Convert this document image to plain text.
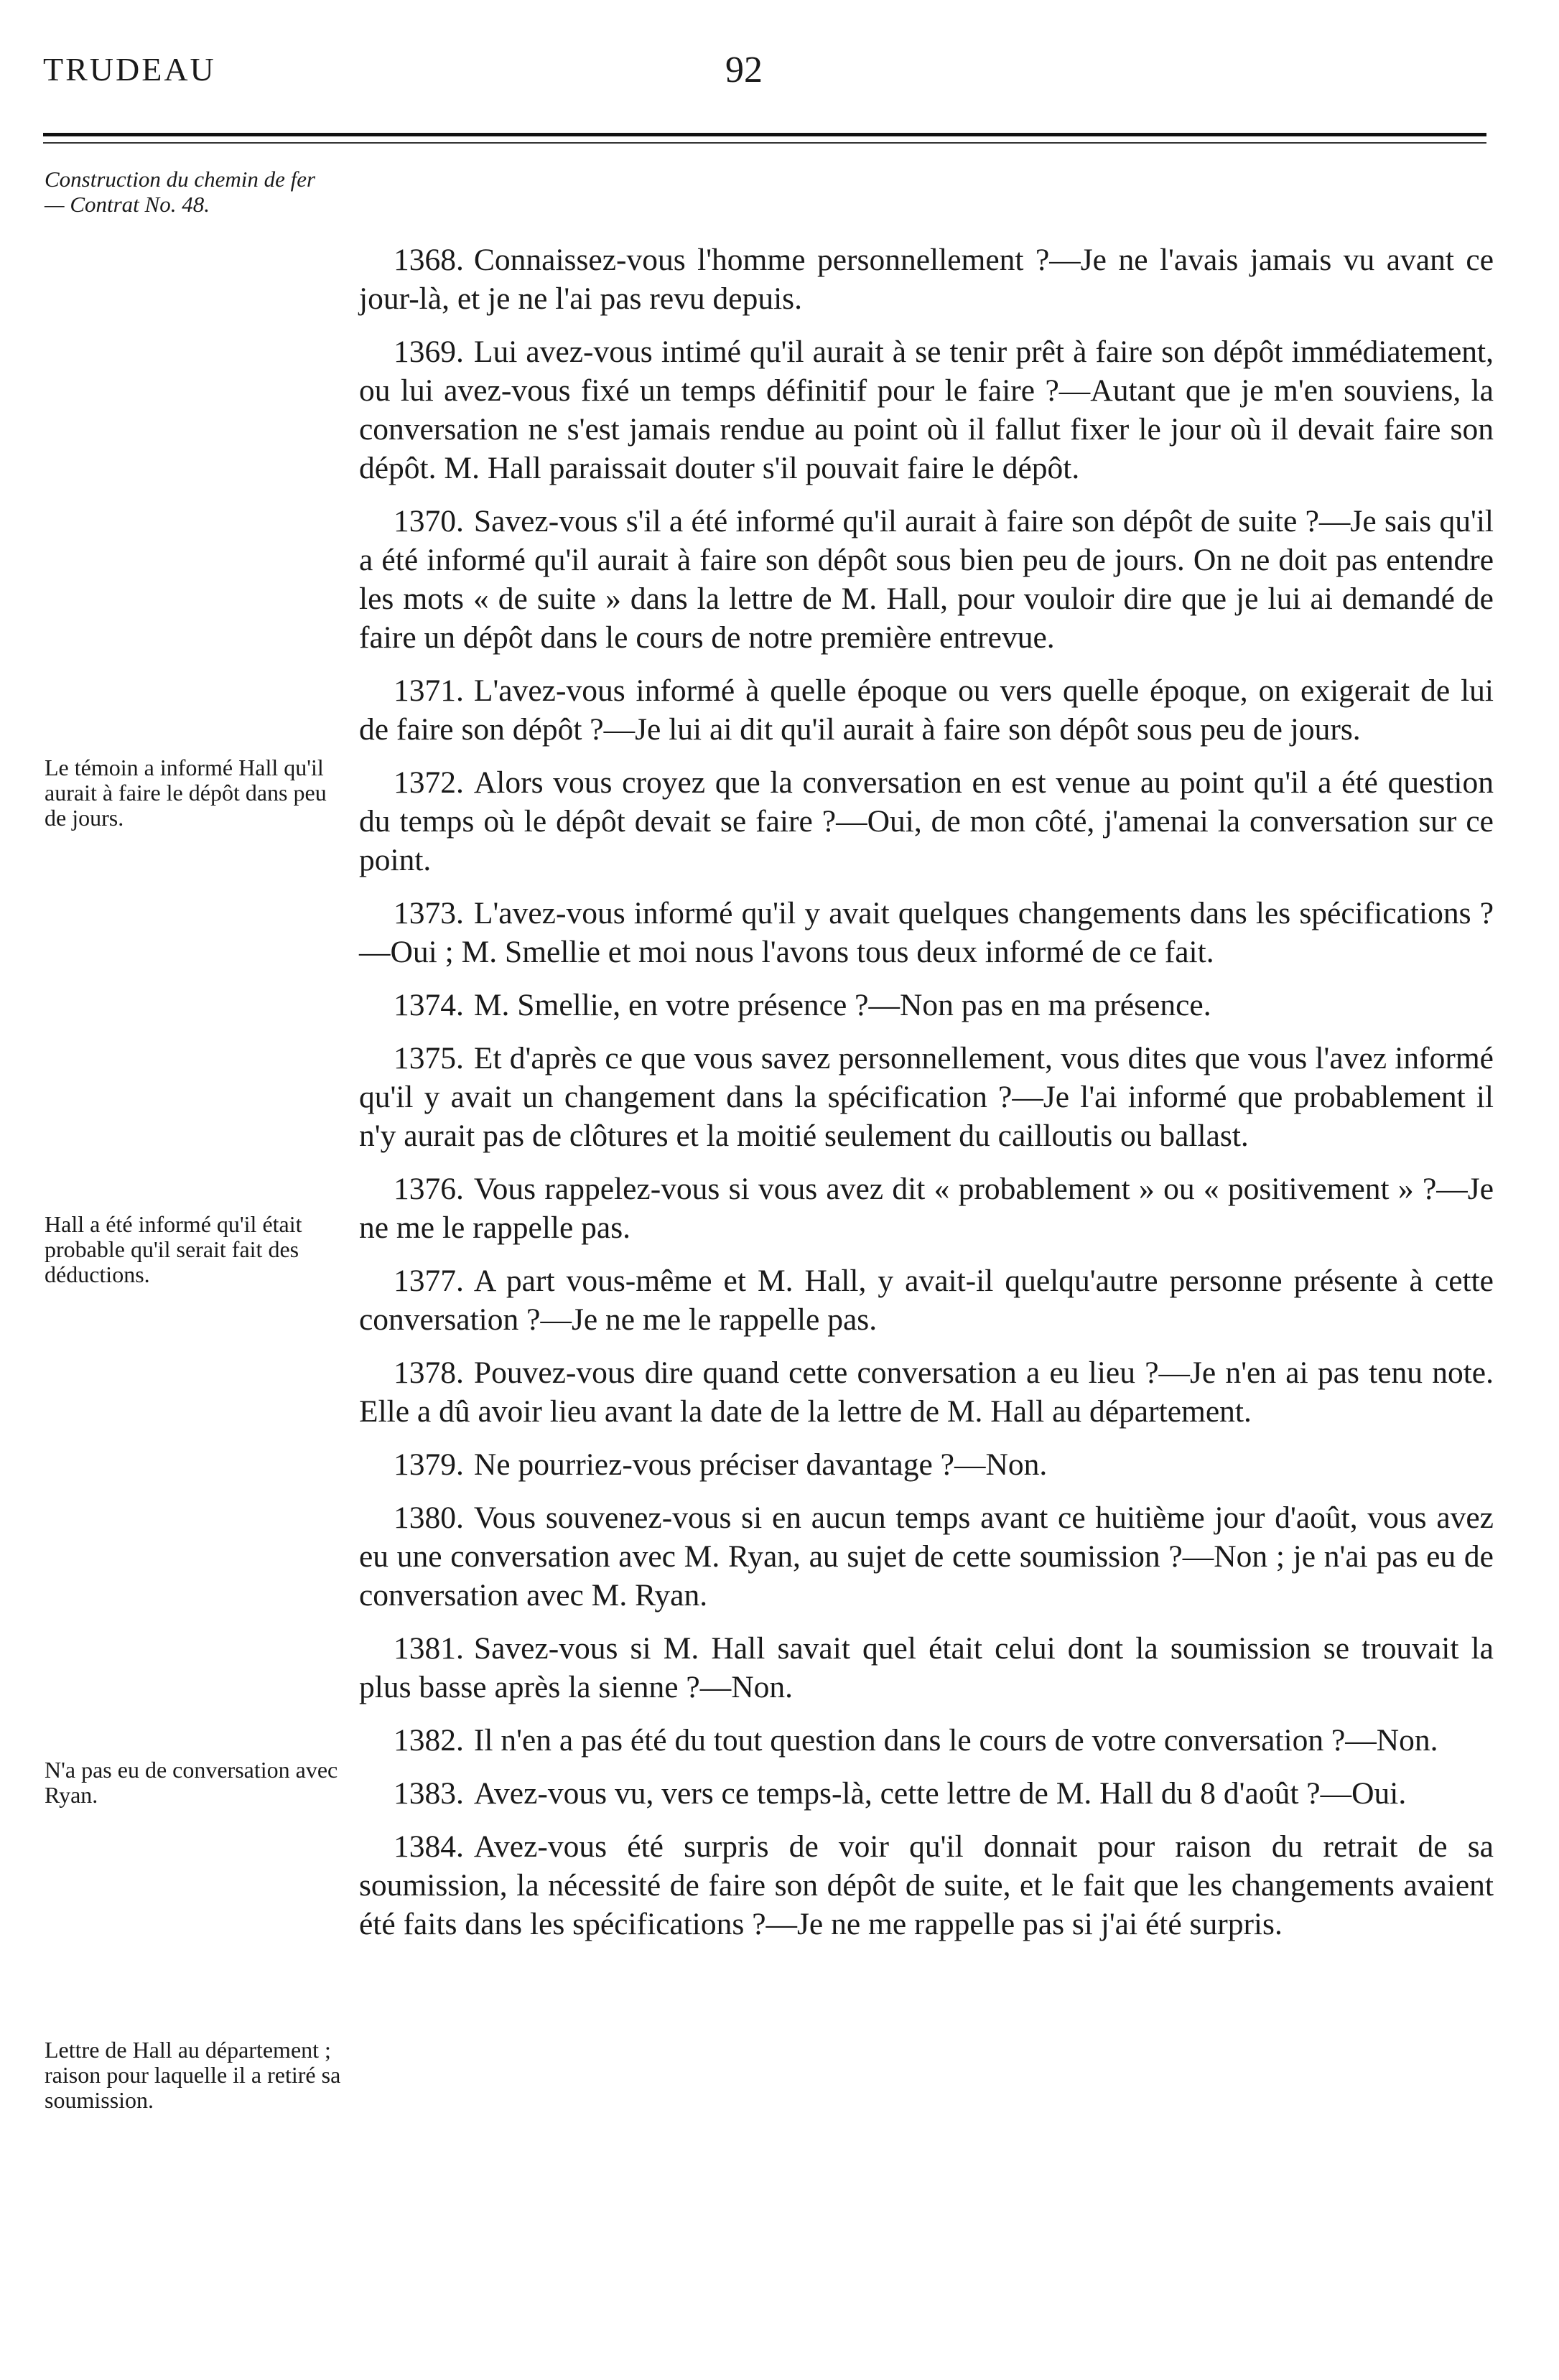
TRUDEAU	92
Construction du chemin de fer— Contrat No. 48.
Le témoin a informé Hall qu'il aurait à faire le dépôt dans peu de jours.
Hall a été informé qu'il était probable qu'il serait fait des déductions.
N'a pas eu de conversation avec Ryan.
Lettre de Hall au département ; raison pour laquelle il a retiré sa soumission.

1368. Connaissez-vous l'homme personnellement ?—Je ne l'avais jamais vu avant ce jour-là, et je ne l'ai pas revu depuis.

1369. Lui avez-vous intimé qu'il aurait à se tenir prêt à faire son dépôt immédiatement, ou lui avez-vous fixé un temps définitif pour le faire ?—Autant que je m'en souviens, la conversation ne s'est jamais rendue au point où il fallut fixer le jour où il devait faire son dépôt. M. Hall paraissait douter s'il pouvait faire le dépôt.

1370. Savez-vous s'il a été informé qu'il aurait à faire son dépôt de suite ?—Je sais qu'il a été informé qu'il aurait à faire son dépôt sous bien peu de jours. On ne doit pas entendre les mots « de suite » dans la lettre de M. Hall, pour vouloir dire que je lui ai demandé de faire un dépôt dans le cours de notre première entrevue.

1371. L'avez-vous informé à quelle époque ou vers quelle époque, on exigerait de lui de faire son dépôt ?—Je lui ai dit qu'il aurait à faire son dépôt sous peu de jours.

1372. Alors vous croyez que la conversation en est venue au point qu'il a été question du temps où le dépôt devait se faire ?—Oui, de mon côté, j'amenai la conversation sur ce point.

1373. L'avez-vous informé qu'il y avait quelques changements dans les spécifications ?—Oui ; M. Smellie et moi nous l'avons tous deux informé de ce fait.

1374. M. Smellie, en votre présence ?—Non pas en ma présence.

1375. Et d'après ce que vous savez personnellement, vous dites que vous l'avez informé qu'il y avait un changement dans la spécification ?—Je l'ai informé que probablement il n'y aurait pas de clôtures et la moitié seulement du cailloutis ou ballast.

1376. Vous rappelez-vous si vous avez dit « probablement » ou « positivement » ?—Je ne me le rappelle pas.

1377. A part vous-même et M. Hall, y avait-il quelqu'autre personne présente à cette conversation ?—Je ne me le rappelle pas.

1378. Pouvez-vous dire quand cette conversation a eu lieu ?—Je n'en ai pas tenu note. Elle a dû avoir lieu avant la date de la lettre de M. Hall au département.

1379. Ne pourriez-vous préciser davantage ?—Non.

1380. Vous souvenez-vous si en aucun temps avant ce huitième jour d'août, vous avez eu une conversation avec M. Ryan, au sujet de cette soumission ?—Non ; je n'ai pas eu de conversation avec M. Ryan.

1381. Savez-vous si M. Hall savait quel était celui dont la soumission se trouvait la plus basse après la sienne ?—Non.

1382. Il n'en a pas été du tout question dans le cours de votre conversation ?—Non.

1383. Avez-vous vu, vers ce temps-là, cette lettre de M. Hall du 8 d'août ?—Oui.

1384. Avez-vous été surpris de voir qu'il donnait pour raison du retrait de sa soumission, la nécessité de faire son dépôt de suite, et le fait que les changements avaient été faits dans les spécifications ?—Je ne me rappelle pas si j'ai été surpris.
